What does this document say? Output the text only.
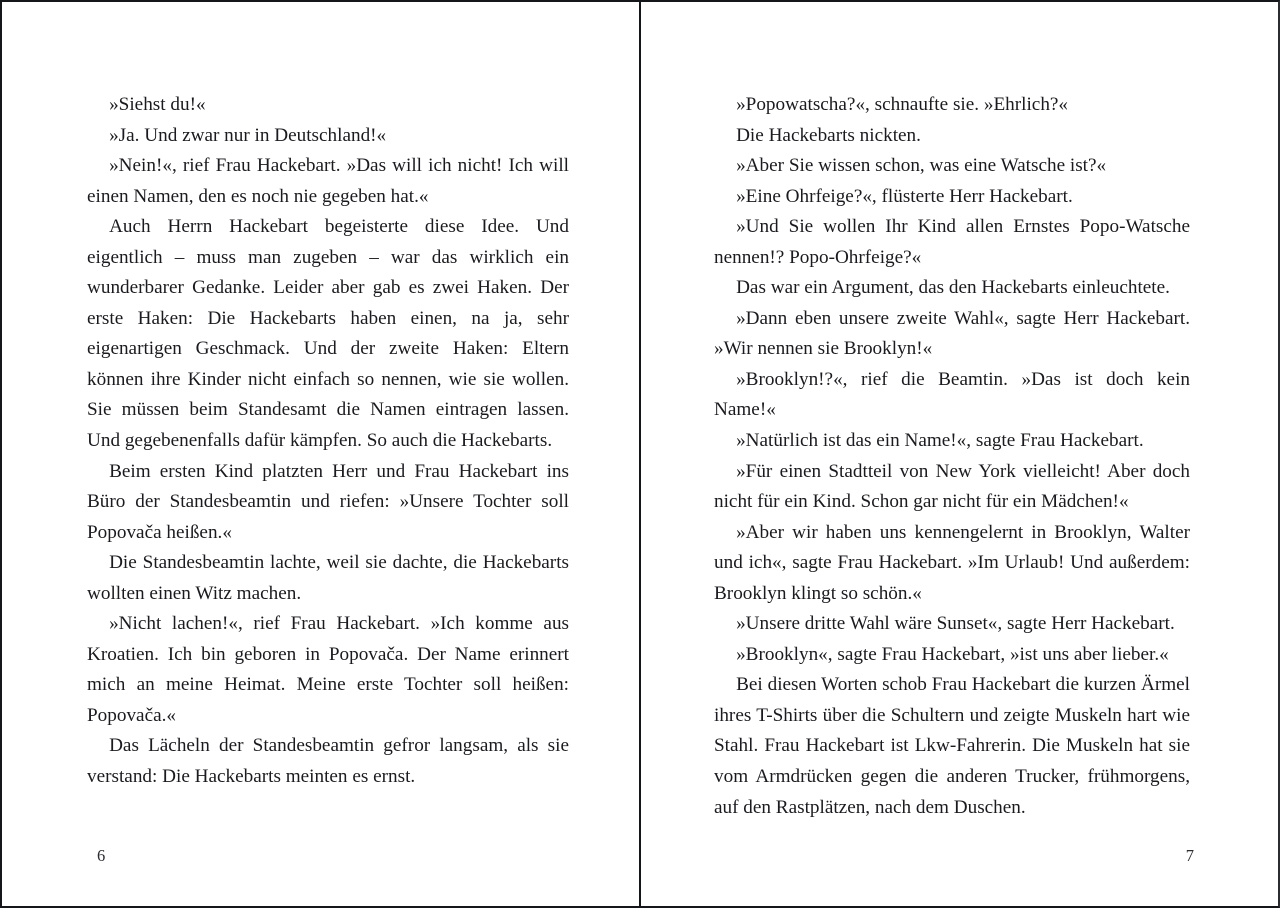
»Siehst du!«

»Ja. Und zwar nur in Deutschland!«

»Nein!«, rief Frau Hackebart. »Das will ich nicht! Ich will einen Namen, den es noch nie gegeben hat.«

Auch Herrn Hackebart begeisterte diese Idee. Und eigentlich – muss man zugeben – war das wirklich ein wunderbarer Gedanke. Leider aber gab es zwei Haken. Der erste Haken: Die Hackebarts haben einen, na ja, sehr eigenartigen Geschmack. Und der zweite Haken: Eltern können ihre Kinder nicht einfach so nennen, wie sie wollen. Sie müssen beim Standesamt die Namen eintragen lassen. Und gegebenenfalls dafür kämpfen. So auch die Hackebarts.

Beim ersten Kind platzten Herr und Frau Hackebart ins Büro der Standesbeamtin und riefen: »Unsere Tochter soll Popovača heißen.«

Die Standesbeamtin lachte, weil sie dachte, die Hackebarts wollten einen Witz machen.

»Nicht lachen!«, rief Frau Hackebart. »Ich komme aus Kroatien. Ich bin geboren in Popovača. Der Name erinnert mich an meine Heimat. Meine erste Tochter soll heißen: Popovača.«

Das Lächeln der Standesbeamtin gefror langsam, als sie verstand: Die Hackebarts meinten es ernst.

6

»Popowatscha?«, schnaufte sie. »Ehrlich?«

Die Hackebarts nickten.

»Aber Sie wissen schon, was eine Watsche ist?«

»Eine Ohrfeige?«, flüsterte Herr Hackebart.

»Und Sie wollen Ihr Kind allen Ernstes Popo-Watsche nennen!? Popo-Ohrfeige?«

Das war ein Argument, das den Hackebarts einleuchtete.

»Dann eben unsere zweite Wahl«, sagte Herr Hackebart. »Wir nennen sie Brooklyn!«

»Brooklyn!?«, rief die Beamtin. »Das ist doch kein Name!«

»Natürlich ist das ein Name!«, sagte Frau Hackebart.

»Für einen Stadtteil von New York vielleicht! Aber doch nicht für ein Kind. Schon gar nicht für ein Mädchen!«

»Aber wir haben uns kennengelernt in Brooklyn, Walter und ich«, sagte Frau Hackebart. »Im Urlaub! Und außerdem: Brooklyn klingt so schön.«

»Unsere dritte Wahl wäre Sunset«, sagte Herr Hackebart.

»Brooklyn«, sagte Frau Hackebart, »ist uns aber lieber.«

Bei diesen Worten schob Frau Hackebart die kurzen Ärmel ihres T-Shirts über die Schultern und zeigte Muskeln hart wie Stahl. Frau Hackebart ist Lkw-Fahrerin. Die Muskeln hat sie vom Armdrücken gegen die anderen Trucker, frühmorgens, auf den Rastplätzen, nach dem Duschen.

7
